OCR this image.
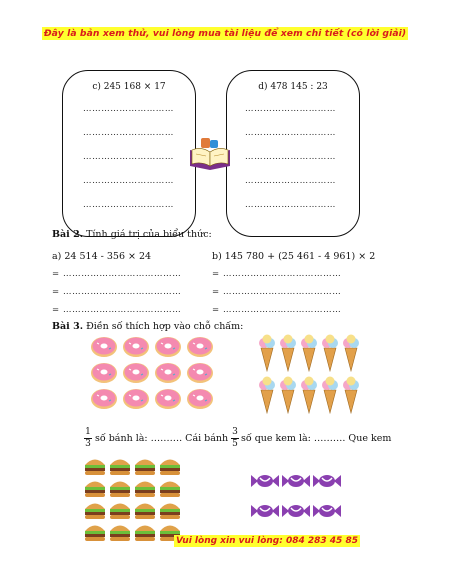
Đây là bản xem thử, vui lòng mua tài liệu để xem chi tiết (có lời giải)
c) 245 168 × 17
…………………………
…………………………
…………………………
…………………………
…………………………
d) 478 145 : 23
…………………………
…………………………
…………………………
…………………………
…………………………
Bài 2. Tính giá trị của biểu thức:
a) 24 514 - 356 × 24	b) 145 780 + (25 461 - 4 961) × 2
= …………………………………
= …………………………………
= …………………………………
= …………………………………
= …………………………………
= …………………………………
Bài 3. Điền số thích hợp vào chỗ chấm:
1
3 số bánh là: ………. Cái bánh
3
5 số que kem là: ………. Que kem
Vui lòng xin vui lòng: 084 283 45 85
